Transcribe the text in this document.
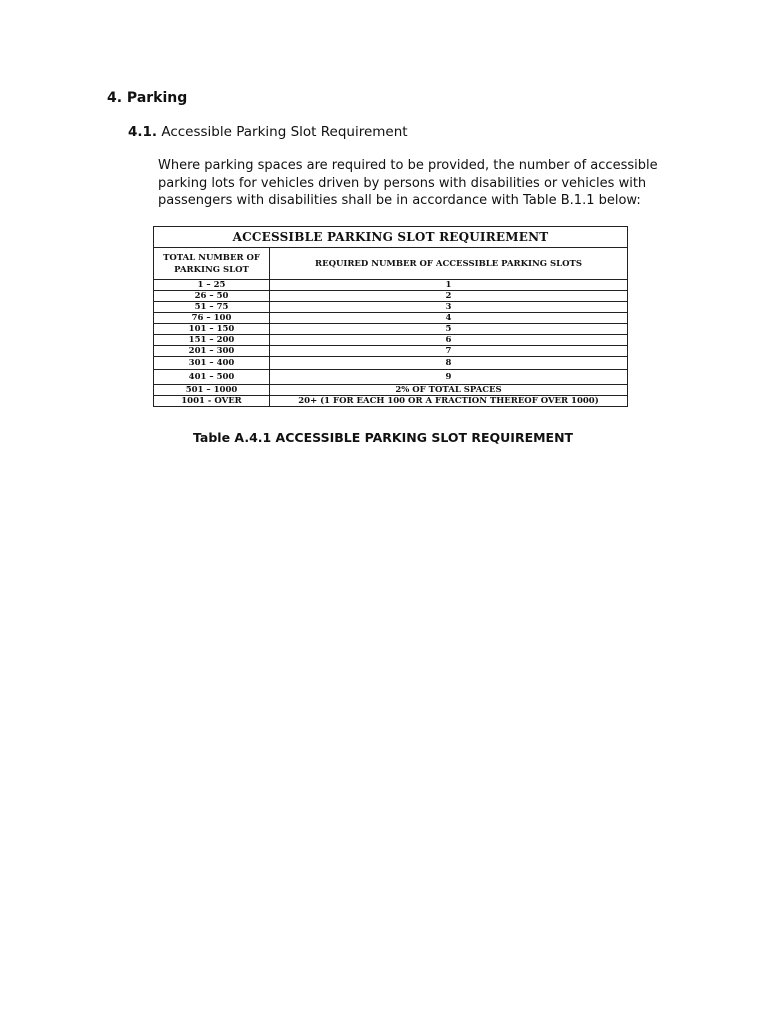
4. Parking

4.1. Accessible Parking Slot Requirement

Where parking spaces are required to be provided, the number of accessible
parking lots for vehicles driven by persons with disabilities or vehicles with
passengers with disabilities shall be in accordance with Table B.1.1 below:

ACCESSIBLE PARKING SLOT REQUIREMENT	
TOTAL NUMBER OF PARKING SLOT	REQUIRED NUMBER OF ACCESSIBLE PARKING SLOTS
1 – 25	1
26 – 50	2
51 – 75	3
76 – 100	4
101 – 150	5
151 – 200	6
201 – 300	7
301 – 400	8
401 – 500	9
501 – 1000	2% OF TOTAL SPACES
1001 - OVER	20+ (1 FOR EACH 100 OR A FRACTION THEREOF OVER 1000)

Table A.4.1 ACCESSIBLE PARKING SLOT REQUIREMENT
